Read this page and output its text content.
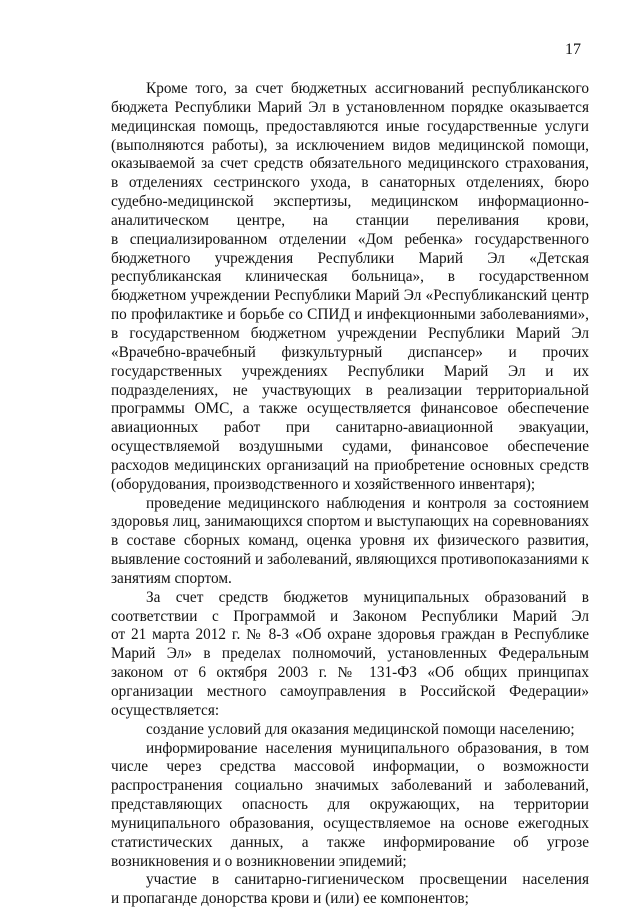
17
Кроме того, за счет бюджетных ассигнований республиканского
бюджета Республики Марий Эл в установленном порядке оказывается
медицинская помощь, предоставляются иные государственные услуги
(выполняются работы), за исключением видов медицинской помощи,
оказываемой за счет средств обязательного медицинского страхования,
в отделениях сестринского ухода, в санаторных отделениях, бюро
судебно-медицинской экспертизы, медицинском информационно-
аналитическом центре, на станции переливания крови,
в специализированном отделении «Дом ребенка» государственного
бюджетного учреждения Республики Марий Эл «Детская
республиканская клиническая больница», в государственном
бюджетном учреждении Республики Марий Эл «Республиканский центр
по профилактике и борьбе со СПИД и инфекционными заболеваниями»,
в государственном бюджетном учреждении Республики Марий Эл
«Врачебно-врачебный физкультурный диспансер» и прочих
государственных учреждениях Республики Марий Эл и их
подразделениях, не участвующих в реализации территориальной
программы ОМС, а также осуществляется финансовое обеспечение
авиационных работ при санитарно-авиационной эвакуации,
осуществляемой воздушными судами, финансовое обеспечение
расходов медицинских организаций на приобретение основных средств
(оборудования, производственного и хозяйственного инвентаря);
проведение медицинского наблюдения и контроля за состоянием
здоровья лиц, занимающихся спортом и выступающих на соревнованиях
в составе сборных команд, оценка уровня их физического развития,
выявление состояний и заболеваний, являющихся противопоказаниями к
занятиям спортом.
За счет средств бюджетов муниципальных образований в
соответствии с Программой и Законом Республики Марий Эл
от 21 марта 2012 г. № 8-З «Об охране здоровья граждан в Республике
Марий Эл» в пределах полномочий, установленных Федеральным
законом от 6 октября 2003 г. № 131-ФЗ «Об общих принципах
организации местного самоуправления в Российской Федерации»
осуществляется:
создание условий для оказания медицинской помощи населению;
информирование населения муниципального образования, в том
числе через средства массовой информации, о возможности
распространения социально значимых заболеваний и заболеваний,
представляющих опасность для окружающих, на территории
муниципального образования, осуществляемое на основе ежегодных
статистических данных, а также информирование об угрозе
возникновения и о возникновении эпидемий;
участие в санитарно-гигиеническом просвещении населения
и пропаганде донорства крови и (или) ее компонентов;
